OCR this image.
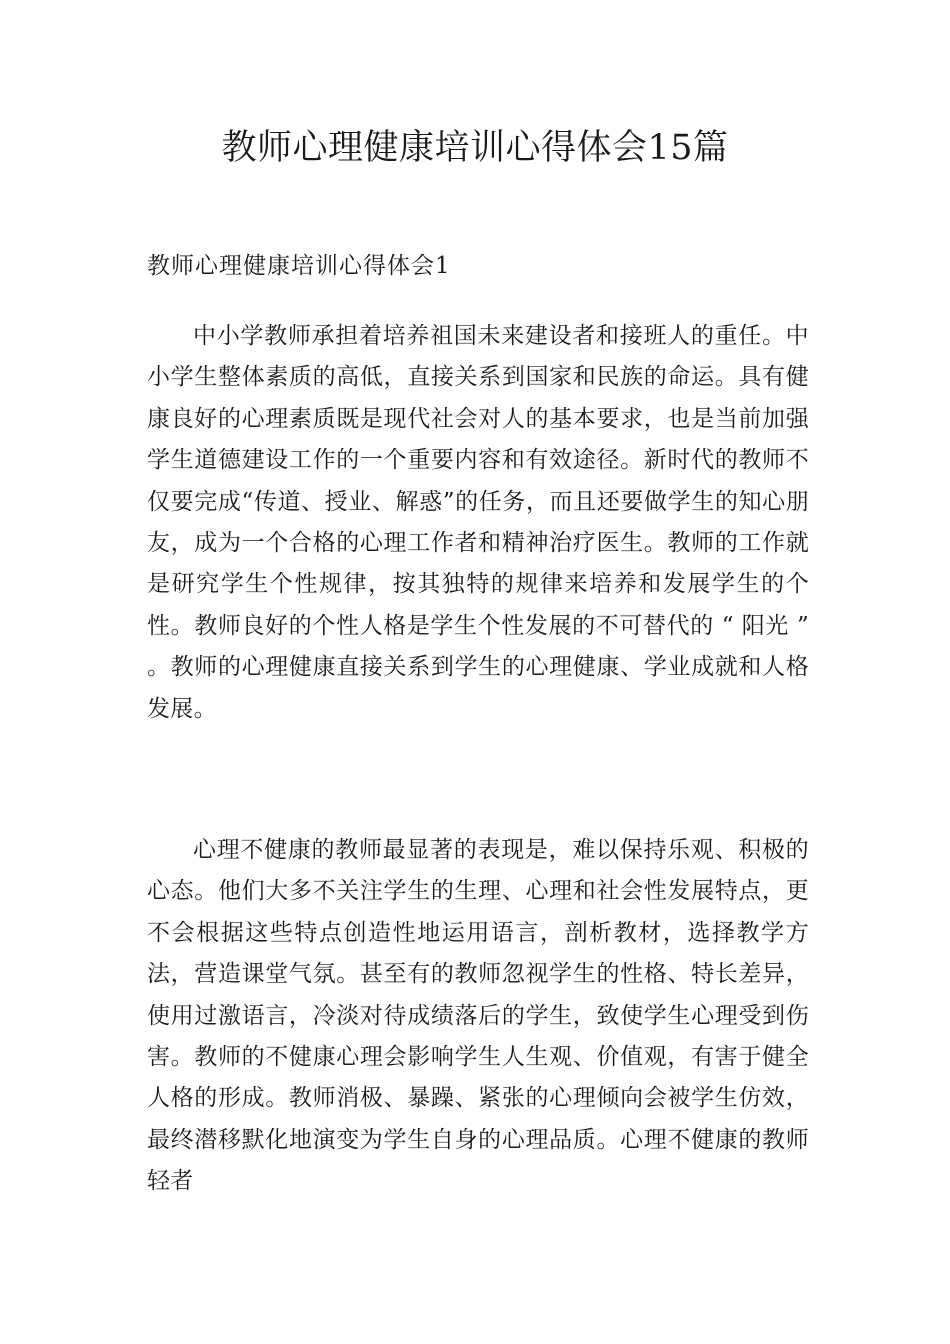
教师心理健康培训心得体会15篇
教师心理健康培训心得体会1

中小学教师承担着培养祖国未来建设者和接班人的重任。中小学生整体素质的高低，直接关系到国家和民族的命运。具有健康良好的心理素质既是现代社会对人的基本要求，也是当前加强学生道德建设工作的一个重要内容和有效途径。新时代的教师不仅要完成“传道、授业、解惑”的任务，而且还要做学生的知心朋友，成为一个合格的心理工作者和精神治疗医生。教师的工作就是研究学生个性规律，按其独特的规律来培养和发展学生的个性。教师良好的个性人格是学生个性发展的不可替代的 “ 阳光 ” 。教师的心理健康直接关系到学生的心理健康、学业成就和人格发展。

心理不健康的教师最显著的表现是，难以保持乐观、积极的心态。他们大多不关注学生的生理、心理和社会性发展特点，更不会根据这些特点创造性地运用语言，剖析教材，选择教学方法，营造课堂气氛。甚至有的教师忽视学生的性格、特长差异，使用过激语言，冷淡对待成绩落后的学生，致使学生心理受到伤害。教师的不健康心理会影响学生人生观、价值观，有害于健全人格的形成。教师消极、暴躁、紧张的心理倾向会被学生仿效，最终潜移默化地演变为学生自身的心理品质。心理不健康的教师轻者
